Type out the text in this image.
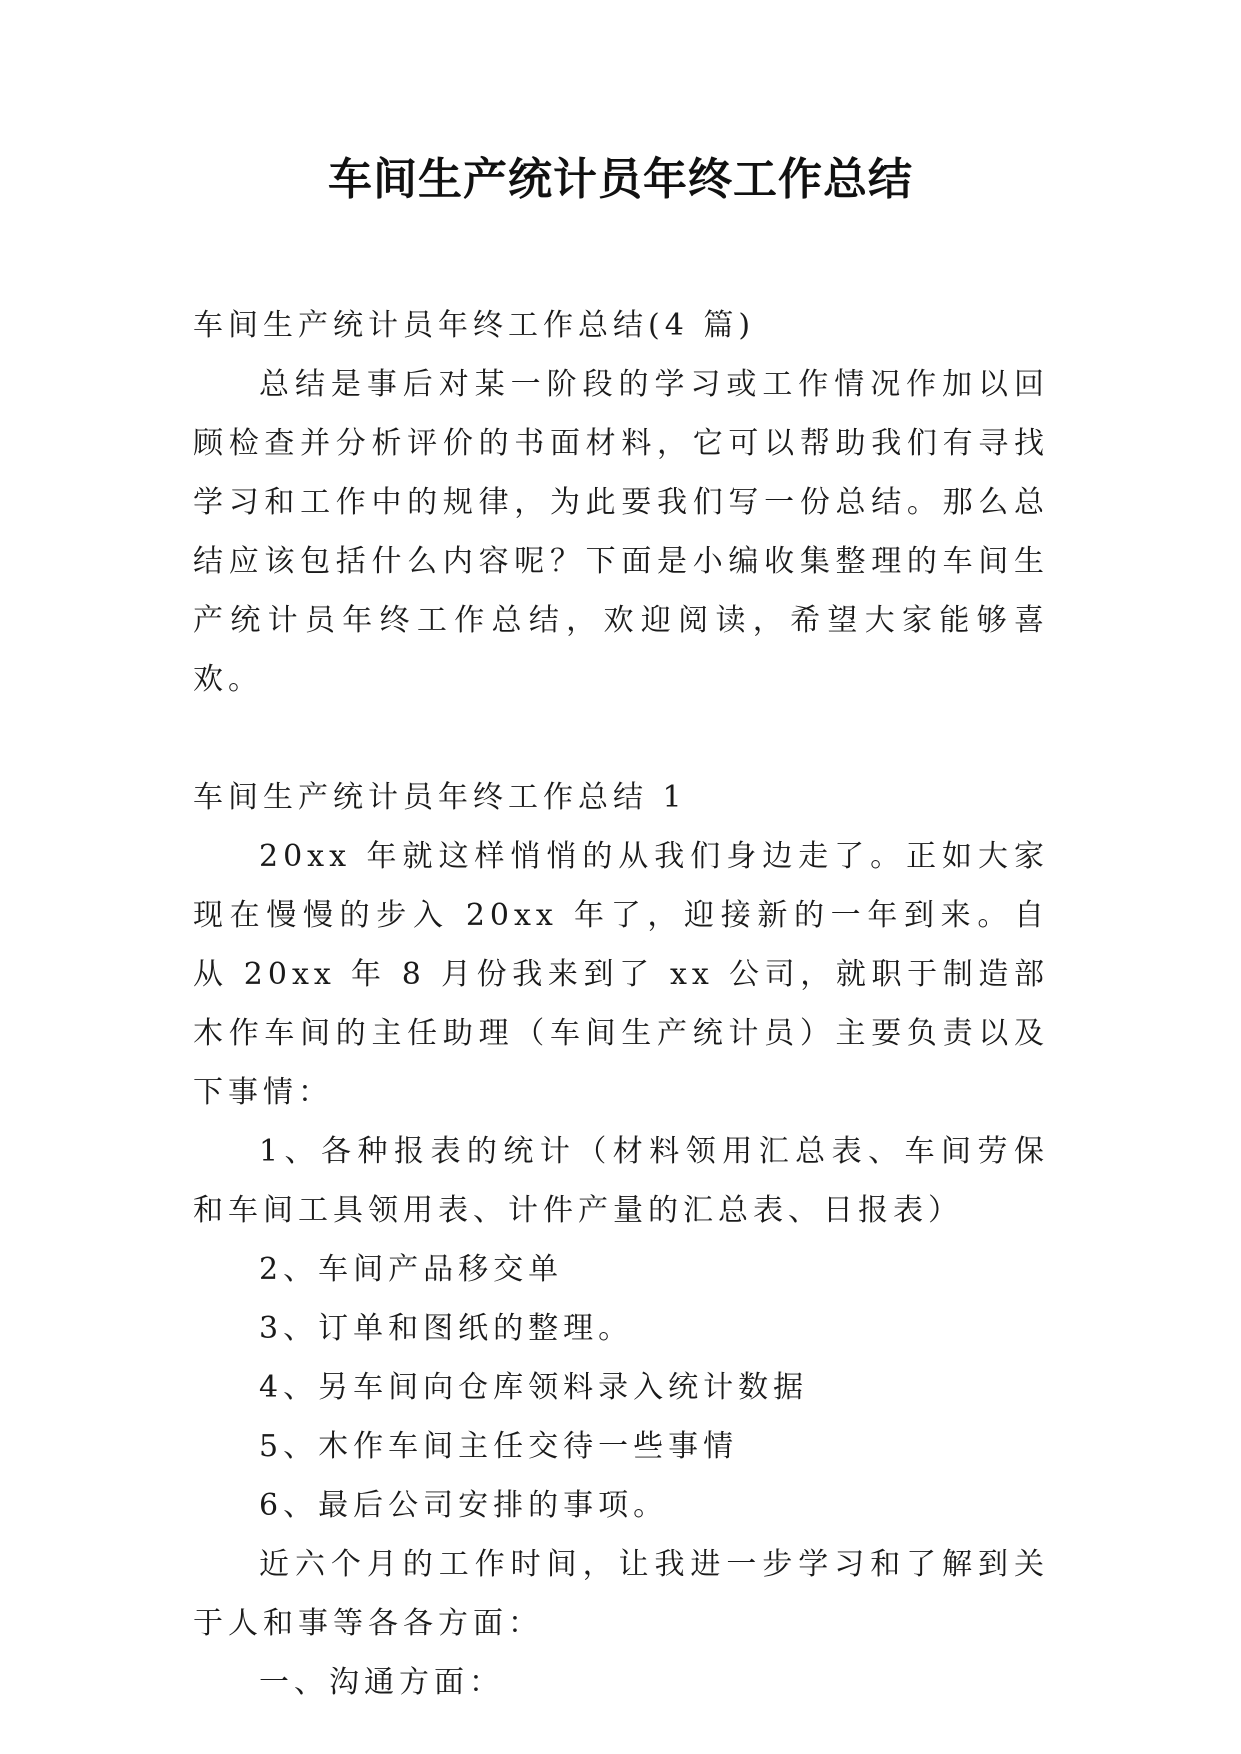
车间生产统计员年终工作总结

车间生产统计员年终工作总结(4 篇)

总结是事后对某一阶段的学习或工作情况作加以回顾检查并分析评价的书面材料，它可以帮助我们有寻找学习和工作中的规律，为此要我们写一份总结。那么总结应该包括什么内容呢？下面是小编收集整理的车间生产统计员年终工作总结，欢迎阅读，希望大家能够喜欢。

车间生产统计员年终工作总结 1

20xx 年就这样悄悄的从我们身边走了。正如大家现在慢慢的步入 20xx 年了，迎接新的一年到来。自从 20xx 年 8 月份我来到了 xx 公司，就职于制造部木作车间的主任助理（车间生产统计员）主要负责以及下事情：

1、各种报表的统计（材料领用汇总表、车间劳保和车间工具领用表、计件产量的汇总表、日报表）

2、车间产品移交单

3、订单和图纸的整理。

4、另车间向仓库领料录入统计数据

5、木作车间主任交待一些事情

6、最后公司安排的事项。

近六个月的工作时间，让我进一步学习和了解到关于人和事等各各方面：

一、沟通方面：
